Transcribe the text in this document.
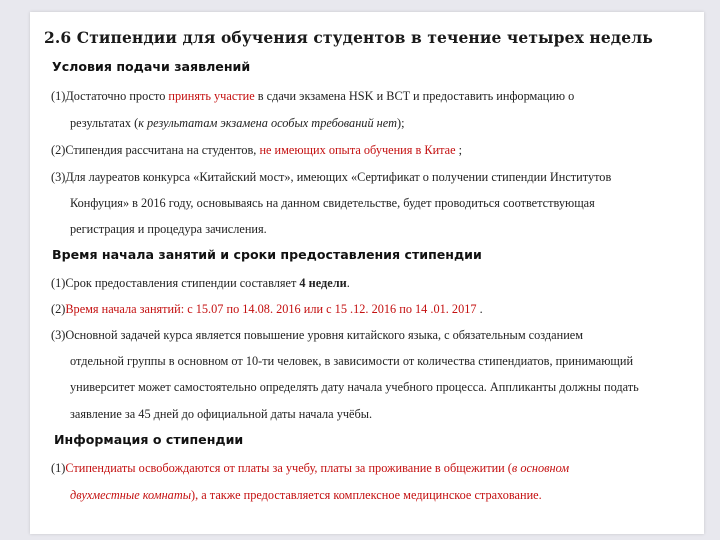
2.6 Стипендии для обучения студентов в течение четырех недель
Условия подачи заявлений
(1)Достаточно просто принять участие в сдачи экзамена HSK и BCT и предоставить информацию о
результатах (к результатам экзамена особых требований нет);
(2)Стипендия рассчитана на студентов, не имеющих опыта обучения в Китае ;
(3)Для лауреатов конкурса «Китайский мост», имеющих «Сертификат о получении стипендии Институтов
Конфуция» в 2016 году, основываясь на данном свидетельстве, будет проводиться соответствующая
регистрация и процедура зачисления.
Время начала занятий и сроки предоставления стипендии
(1)Срок предоставления стипендии составляет 4 недели.
(2)Время начала занятий: с 15.07 по 14.08. 2016 или с 15 .12. 2016 по 14 .01. 2017 .
(3)Основной задачей курса является повышение уровня китайского языка, с обязательным созданием
отдельной группы в основном от 10-ти человек, в зависимости от количества стипендиатов, принимающий
университет может самостоятельно определять дату начала учебного процесса. Аппликанты должны подать
заявление за 45 дней до официальной даты начала учёбы.
Информация о стипендии
(1)Стипендиаты освобождаются от платы за учебу, платы за проживание в общежитии (в основном
двухместные комнаты), а также предоставляется комплексное медицинское страхование.
